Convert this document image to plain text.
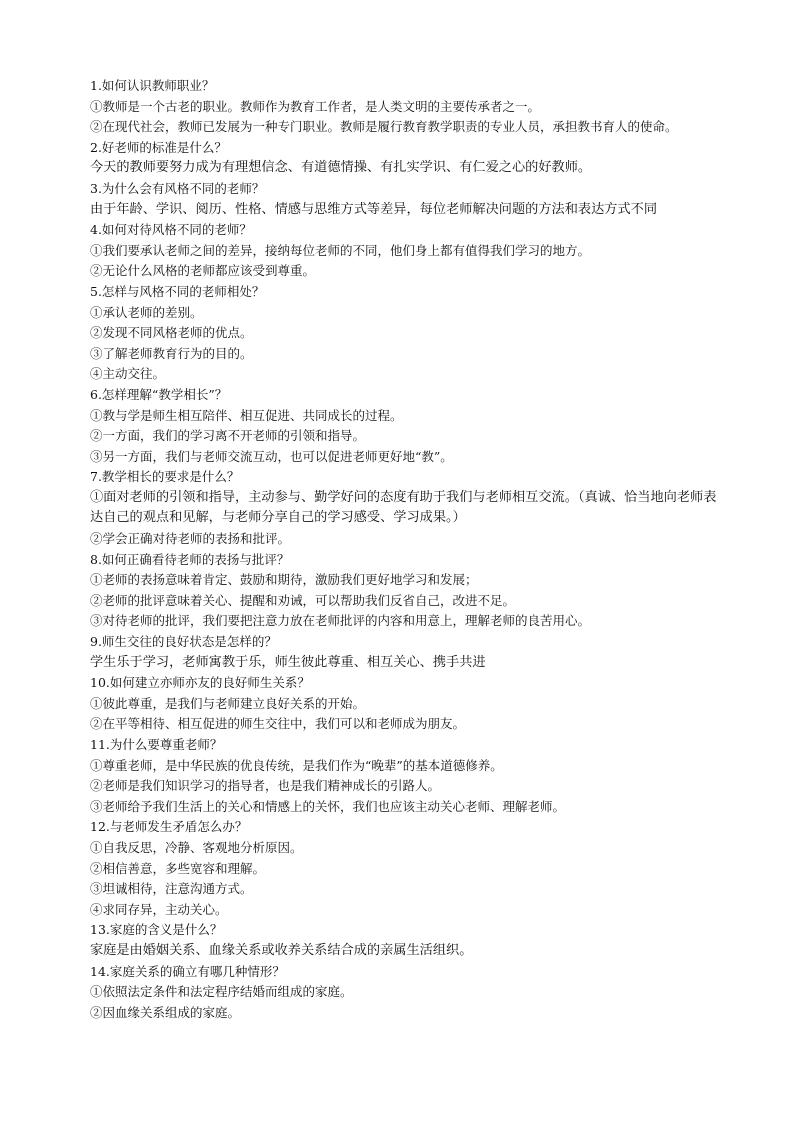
1.如何认识教师职业？

①教师是一个古老的职业。教师作为教育工作者，是人类文明的主要传承者之一。

②在现代社会，教师已发展为一种专门职业。教师是履行教育教学职责的专业人员，承担教书育人的使命。

2.好老师的标准是什么？

今天的教师要努力成为有理想信念、有道德情操、有扎实学识、有仁爱之心的好教师。

3.为什么会有风格不同的老师？

由于年龄、学识、阅历、性格、情感与思维方式等差异，每位老师解决问题的方法和表达方式不同

4.如何对待风格不同的老师？

①我们要承认老师之间的差异，接纳每位老师的不同，他们身上都有值得我们学习的地方。

②无论什么风格的老师都应该受到尊重。

5.怎样与风格不同的老师相处？

①承认老师的差别。

②发现不同风格老师的优点。

③了解老师教育行为的目的。

④主动交往。

6.怎样理解“教学相长”？

①教与学是师生相互陪伴、相互促进、共同成长的过程。

②一方面，我们的学习离不开老师的引领和指导。

③另一方面，我们与老师交流互动，也可以促进老师更好地“教”。

7.教学相长的要求是什么？

①面对老师的引领和指导，主动参与、勤学好问的态度有助于我们与老师相互交流。（真诚、恰当地向老师表达自己的观点和见解，与老师分享自己的学习感受、学习成果。）

②学会正确对待老师的表扬和批评。

8.如何正确看待老师的表扬与批评？

①老师的表扬意味着肯定、鼓励和期待，激励我们更好地学习和发展；

②老师的批评意味着关心、提醒和劝诫，可以帮助我们反省自己，改进不足。

③对待老师的批评，我们要把注意力放在老师批评的内容和用意上，理解老师的良苦用心。

9.师生交往的良好状态是怎样的？

学生乐于学习，老师寓教于乐，师生彼此尊重、相互关心、携手共进

10.如何建立亦师亦友的良好师生关系？

①彼此尊重，是我们与老师建立良好关系的开始。

②在平等相待、相互促进的师生交往中，我们可以和老师成为朋友。

11.为什么要尊重老师？

①尊重老师，是中华民族的优良传统，是我们作为“晚辈”的基本道德修养。

②老师是我们知识学习的指导者，也是我们精神成长的引路人。

③老师给予我们生活上的关心和情感上的关怀，我们也应该主动关心老师、理解老师。

12.与老师发生矛盾怎么办？

①自我反思，冷静、客观地分析原因。

②相信善意，多些宽容和理解。

③坦诚相待，注意沟通方式。

④求同存异，主动关心。

13.家庭的含义是什么？

家庭是由婚姻关系、血缘关系或收养关系结合成的亲属生活组织。

14.家庭关系的确立有哪几种情形？

①依照法定条件和法定程序结婚而组成的家庭。

②因血缘关系组成的家庭。
